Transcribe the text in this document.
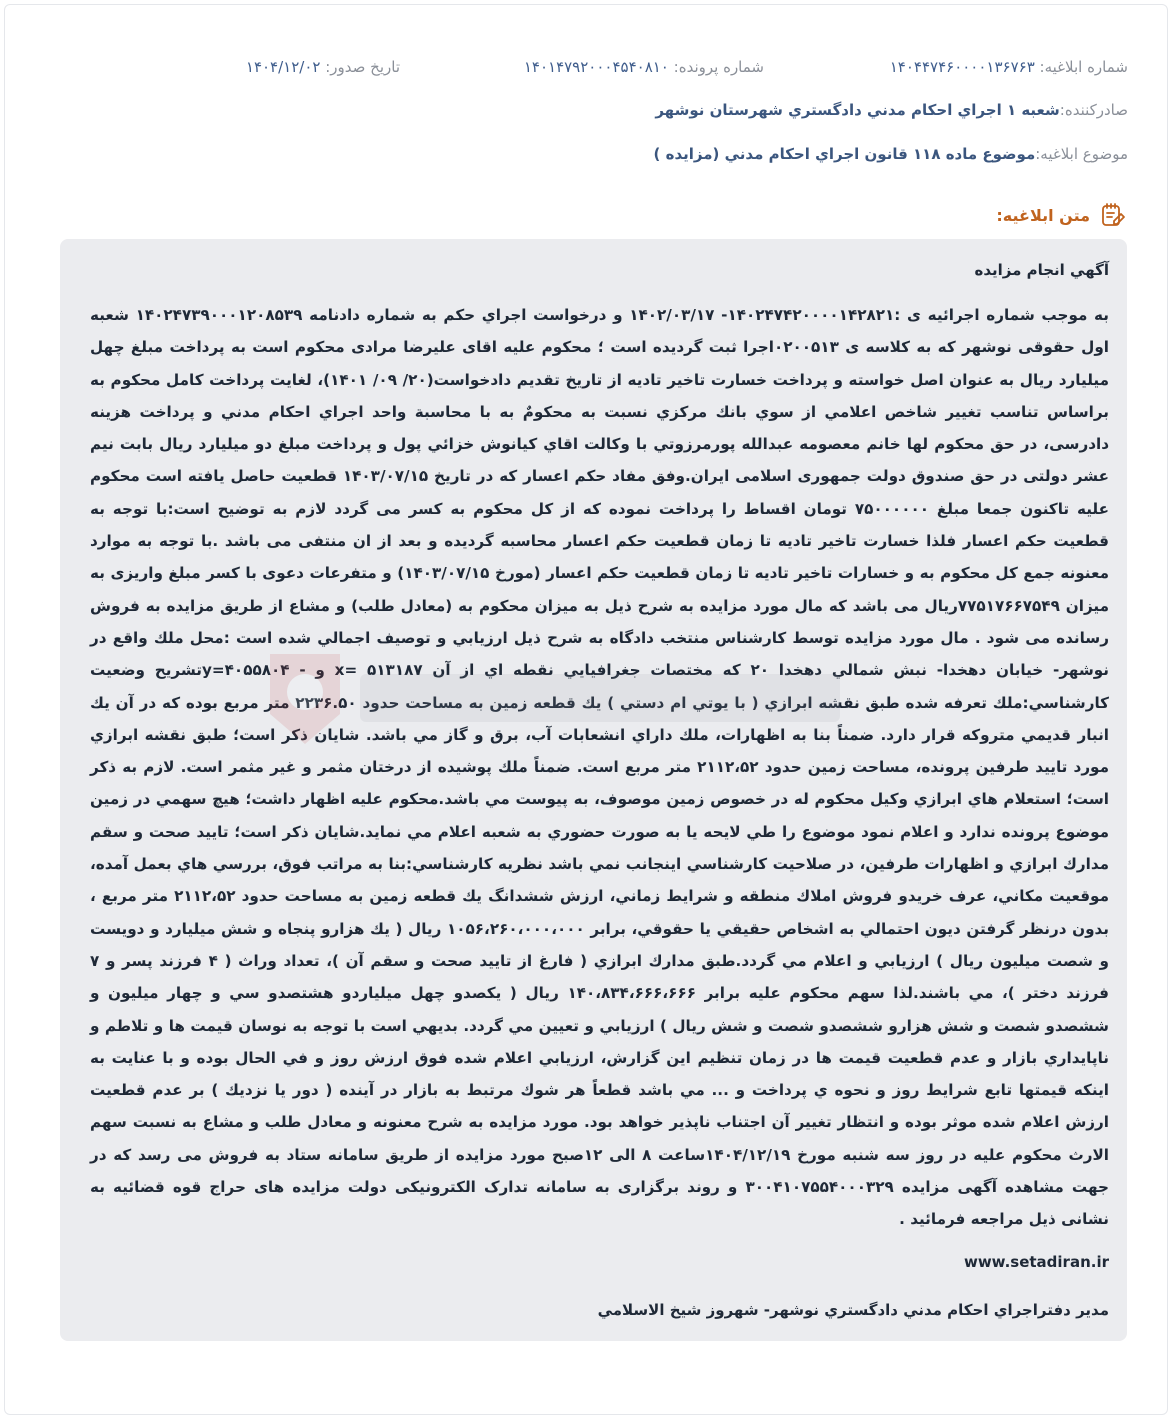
شماره ابلاغیه: ۱۴۰۴۴۷۴۶۰۰۰۰۱۳۶۷۶۳
شماره پرونده: ۱۴۰۱۴۷۹۲۰۰۰۴۵۴۰۸۱۰
تاریخ صدور: ۱۴۰۴/۱۲/۰۲
صادرکننده:
شعبه ۱ اجراي احكام مدني دادگستري شهرستان نوشهر
موضوع ابلاغیه:
موضوع ماده ۱۱۸ قانون اجراي احكام مدني (مزايده )
متن ابلاغیه:

آگهي انجام مزايده

به موجب شماره اجرائيه ی :۱۴۰۲۴۷۴۲۰۰۰۰۱۴۲۸۲۱- ۱۴۰۲/۰۳/۱۷ و درخواست اجراي حكم به شماره دادنامه ۱۴۰۲۴۷۳۹۰۰۰۱۲۰۸۵۳۹ شعبه اول حقوقی نوشهر که به کلاسه ی ۰۲۰۰۵۱۳اجرا ثبت گردیده است ؛ محکوم علیه اقای علیرضا مرادی محکوم است به پرداخت مبلغ چهل میلیارد ریال به عنوان اصل خواسته و پرداخت خسارت تاخیر تادیه از تاریخ تقدیم دادخواست(۲۰/ ۰۹/ ۱۴۰۱)، لغایت پرداخت كامل محكوم به براساس تناسب تغيير شاخص اعلامي از سوي بانك مركزي نسبت به محكومٌ به با محاسبة واحد اجراي احكام مدني و پرداخت هزينه دادرسی، در حق محکوم لها خانم معصومه عبدالله پورمرزوتي با وكالت اقاي كيانوش خزائي پول و پرداخت مبلغ دو میلیارد ریال بابت نیم عشر دولتی در حق صندوق دولت جمهوری اسلامی ایران.وفق مفاد حکم اعسار که در تاریخ ۱۴۰۳/۰۷/۱۵ قطعیت حاصل یافته است محکوم علیه تاکنون جمعا مبلغ ۷۵۰۰۰۰۰۰ تومان اقساط را پرداخت نموده که از کل محکوم به کسر می گردد لازم به توضیح است:با توجه به قطعیت حکم اعسار فلذا خسارت تاخیر تادیه تا زمان قطعیت حکم اعسار محاسبه گردیده و بعد از ان منتفی می باشد .با توجه به موارد معنونه جمع کل محکوم به و خسارات تاخیر تادیه تا زمان قطعیت حکم اعسار (مورخ ۱۴۰۳/۰۷/۱۵) و متفرعات دعوی با کسر مبلغ واریزی به میزان ۷۷۵۱۷۶۶۷۵۴۹ریال می باشد که مال مورد مزايده به شرح ذیل به میزان محکوم به (معادل طلب) و مشاع از طریق مزایده به فروش رسانده می شود . مال مورد مزایده توسط کارشناس منتخب دادگاه به شرح ذيل ارزيابي و توصيف اجمالي شده است :محل ملك واقع در نوشهر- خيابان دهخدا- نبش شمالي دهخدا ۲۰ كه مختصات جغرافيايي نقطه اي از آن ۵۱۳۱۸۷ =x و - ۴۰۵۵۸۰۴=yتشريح وضعيت كارشناسي:ملك تعرفه شده طبق نقشه ابرازي ( با يوتي ام دستي ) يك قطعه زمين به مساحت حدود ۲۲۳۶.۵۰ متر مربع بوده كه در آن يك انبار قديمي متروكه قرار دارد. ضمناً بنا به اظهارات، ملك داراي انشعابات آب، برق و گاز مي باشد. شايان ذكر است؛ طبق نقشه ابرازي مورد تاييد طرفين پرونده، مساحت زمين حدود ۲۱۱۲،۵۲ متر مربع است. ضمناً ملك پوشيده از درختان مثمر و غير مثمر است. لازم به ذكر است؛ استعلام هاي ابرازي وكيل محكوم له در خصوص زمين موصوف، به پيوست مي باشد.محكوم عليه اظهار داشت؛ هيچ سهمي در زمين موضوع پرونده ندارد و اعلام نمود موضوع را طي لايحه يا به صورت حضوري به شعبه اعلام مي نمايد.شايان ذكر است؛ تاييد صحت و سقم مدارك ابرازي و اظهارات طرفين، در صلاحيت كارشناسي اينجانب نمي باشد نظريه كارشناسي:بنا به مراتب فوق، بررسي هاي بعمل آمده، موقعيت مكاني، عرف خريدو فروش املاك منطقه و شرايط زماني، ارزش ششدانگ يك قطعه زمين به مساحت حدود ۲۱۱۲،۵۲ متر مربع ، بدون درنظر گرفتن ديون احتمالي به اشخاص حقيقي يا حقوقي، برابر ۱۰۵۶،۲۶۰،۰۰۰،۰۰۰ ريال ( يك هزارو پنجاه و شش ميليارد و دويست و شصت ميليون ريال ) ارزيابي و اعلام مي گردد.طبق مدارك ابرازي ( فارغ از تاييد صحت و سقم آن )، تعداد وراث ( ۴ فرزند پسر و ۷ فرزند دختر )، مي باشند.لذا سهم محكوم عليه برابر ۱۴۰،۸۳۴،۶۶۶،۶۶۶ ريال ( يكصدو چهل ميلياردو هشتصدو سي و چهار ميليون و ششصدو شصت و شش هزارو ششصدو شصت و شش ريال ) ارزيابي و تعيين مي گردد. بديهي است با توجه به نوسان قيمت ها و تلاطم و ناپايداري بازار و عدم قطعيت قيمت ها در زمان تنظيم اين گزارش، ارزيابي اعلام شده فوق ارزش روز و في الحال بوده و با عنايت به اينكه قيمتها تابع شرايط روز و نحوه ي پرداخت و ... مي باشد قطعاً هر شوك مرتبط به بازار در آينده ( دور يا نزديك ) بر عدم قطعيت ارزش اعلام شده موثر بوده و انتظار تغيير آن اجتناب ناپذير خواهد بود. مورد مزايده به شرح معنونه و معادل طلب و مشاع به نسبت سهم الارث محکوم علیه در روز سه شنبه مورخ ۱۴۰۴/۱۲/۱۹ساعت ۸ الی ۱۲صبح مورد مزایده از طریق سامانه ستاد به فروش می رسد که در جهت مشاهده آگهی مزایده ۳۰۰۴۱۰۷۵۵۴۰۰۰۳۲۹ و روند برگزاری به سامانه تدارک الکترونیکی دولت مزایده های حراج قوه قضائیه به نشانی ذیل مراجعه فرمائید .

www.setadiran.ir

مدير دفتراجراي احكام مدني دادگستري نوشهر- شهروز شيخ الاسلامي
